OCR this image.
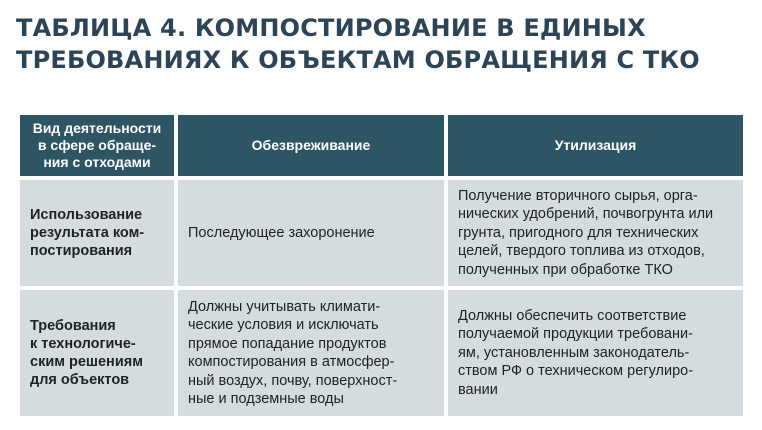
ТАБЛИЦА 4. КОМПОСТИРОВАНИЕ В ЕДИНЫХ
ТРЕБОВАНИЯХ К ОБЪЕКТАМ ОБРАЩЕНИЯ С ТКО
Вид деятельности
в сфере обраще-
ния с отходами
Обезвреживание	Утилизация
Использование
результата ком-
постирования
Последующее захоронение
Получение вторичного сырья, орга-
нических удобрений, почвогрунта или
грунта, пригодного для технических
целей, твердого топлива из отходов,
полученных при обработке ТКО
Требования
к технологиче-
ским решениям
для объектов
Должны учитывать климати-
ческие условия и исключать
прямое попадание продуктов
компостирования в атмосфер-
ный воздух, почву, поверхност-
ные и подземные воды
Должны обеспечить соответствие
получаемой продукции требовани-
ям, установленным законодатель-
ством РФ о техническом регулиро-
вании
